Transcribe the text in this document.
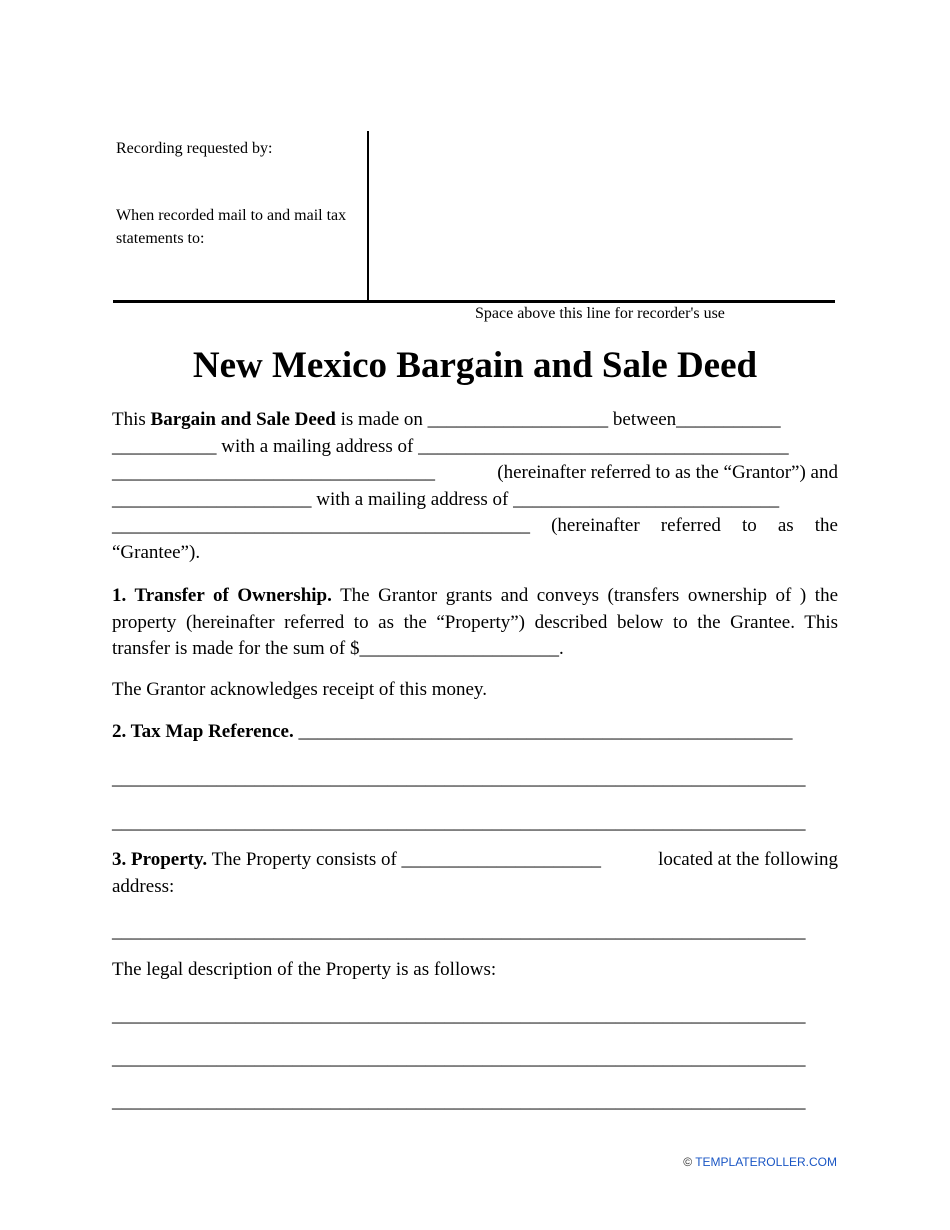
Recording requested by:
When recorded mail to and mail tax statements to:
Space above this line for recorder's use
New Mexico Bargain and Sale Deed
This Bargain and Sale Deed is made on ___________________ between___________
___________ with a mailing address of _______________________________________
__________________________________	(hereinafter referred to as the “Grantor”) and
_____________________ with a mailing address of ____________________________
____________________________________________ (hereinafter referred to as the
“Grantee”).
1. Transfer of Ownership. The Grantor grants and conveys (transfers ownership of ) the property (hereinafter referred to as the “Property”) described below to the Grantee. This transfer is made for the sum of $_____________________.
The Grantor acknowledges receipt of this money.
2. Tax Map Reference. ____________________________________________________
_________________________________________________________________________
_________________________________________________________________________
3. Property. The Property consists of _____________________	located at the following
address:
_________________________________________________________________________
The legal description of the Property is as follows:
_________________________________________________________________________
_________________________________________________________________________
_________________________________________________________________________
© TEMPLATEROLLER.COM
